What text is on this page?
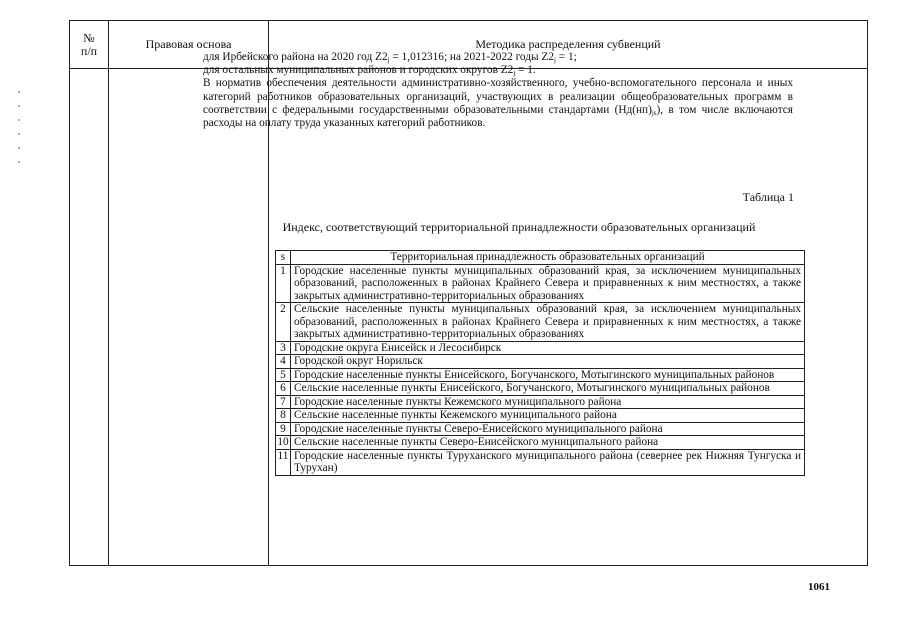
№
п/п	Правовая основа	Методика распределения субвенций

для Ирбейского района на 2020 год $Z2_j = 1,012316$; на 2021-2022 годы $Z2_j = 1$;

для остальных муниципальных районов и городских округов $Z2_j = 1$.

В норматив обеспечения деятельности административно-хозяйственного, учебно-вспомогательного персонала и иных категорий работников образовательных организаций, участвующих в реализации общеобразовательных программ в соответствии с федеральными государственными образовательными стандартами $(Нд(нп)_{js})$, в том числе включаются расходы на оплату труда указанных категорий работников.

Таблица 1
Индекс, соответствующий территориальной принадлежности образовательных организаций
s	Территориальная принадлежность образовательных организаций
1	Городские населенные пункты муниципальных образований края, за исключением муниципальных образований, расположенных в районах Крайнего Севера и приравненных к ним местностях, а также закрытых административно-территориальных образованиях
2	Сельские населенные пункты муниципальных образований края, за исключением муниципальных образований, расположенных в районах Крайнего Севера и приравненных к ним местностях, а также закрытых административно-территориальных образованиях
3	Городские округа Енисейск и Лесосибирск
4	Городской округ Норильск
5	Городские населенные пункты Енисейского, Богучанского, Мотыгинского муниципальных районов
6	Сельские населенные пункты Енисейского, Богучанского, Мотыгинского муниципальных районов
7	Городские населенные пункты Кежемского муниципального района
8	Сельские населенные пункты Кежемского муниципального района
9	Городские населенные пункты Северо-Енисейского муниципального района
10	Сельские населенные пункты Северо-Енисейского муниципального района
11	Городские населенные пункты Туруханского муниципального района (севернее рек Нижняя Тунгуска и Турухан)
1061
